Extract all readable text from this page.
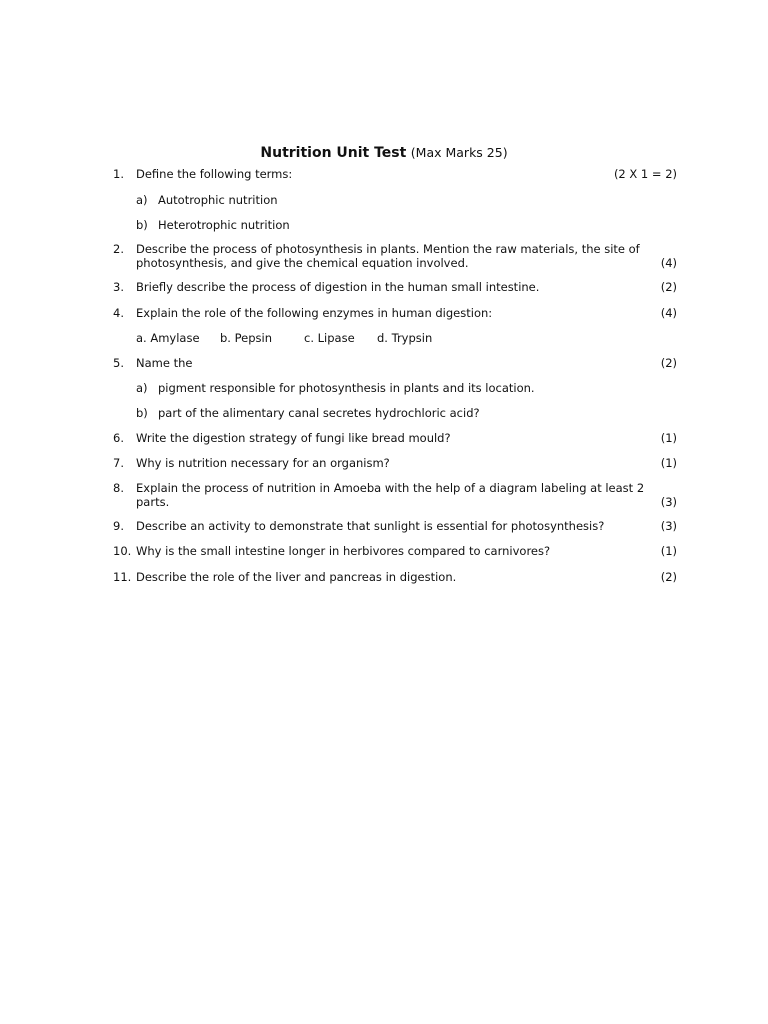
Nutrition Unit Test (Max Marks 25)
1. Define the following terms:	(2 X 1 = 2)
a) Autotrophic nutrition
b) Heterotrophic nutrition
2. Describe the process of photosynthesis in plants. Mention the raw materials, the site of
photosynthesis, and give the chemical equation involved.	(4)
3. Briefly describe the process of digestion in the human small intestine.	(2)
4. Explain the role of the following enzymes in human digestion:	(4)
a. Amylase b. Pepsin	c. Lipase d. Trypsin
5. Name the	(2)
a) pigment responsible for photosynthesis in plants and its location.
b) part of the alimentary canal secretes hydrochloric acid?
6. Write the digestion strategy of fungi like bread mould?	(1)
7. Why is nutrition necessary for an organism?	(1)
8. Explain the process of nutrition in Amoeba with the help of a diagram labeling at least 2
parts.	(3)
9. Describe an activity to demonstrate that sunlight is essential for photosynthesis?	(3)
10. Why is the small intestine longer in herbivores compared to carnivores?	(1)
11. Describe the role of the liver and pancreas in digestion.	(2)
